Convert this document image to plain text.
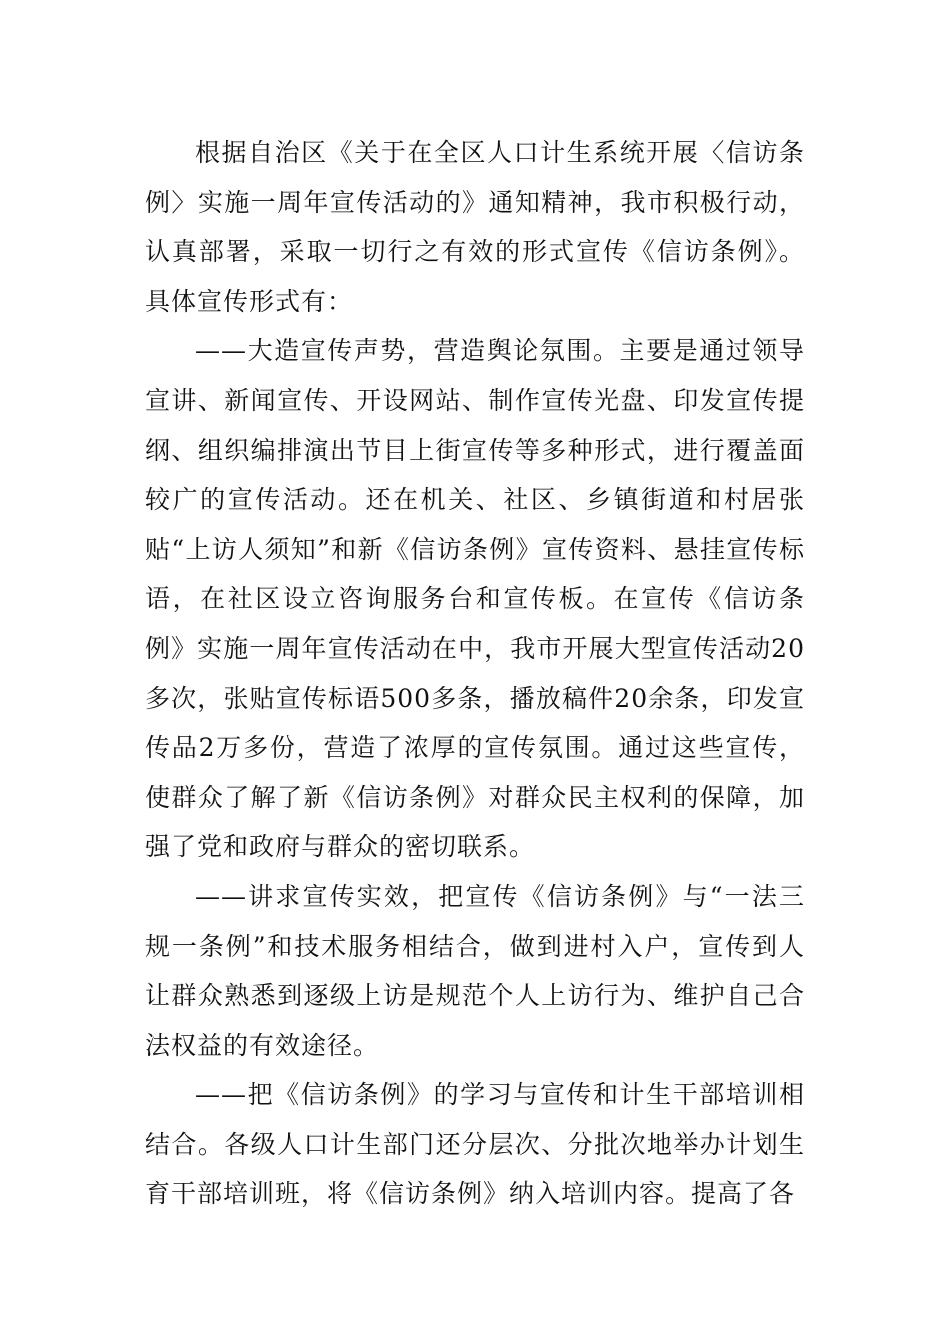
根据自治区《关于在全区人口计生系统开展〈信访条例〉实施一周年宣传活动的》通知精神，我市积极行动，认真部署，采取一切行之有效的形式宣传《信访条例》。具体宣传形式有：

——大造宣传声势，营造舆论氛围。主要是通过领导宣讲、新闻宣传、开设网站、制作宣传光盘、印发宣传提纲、组织编排演出节目上街宣传等多种形式，进行覆盖面较广的宣传活动。还在机关、社区、乡镇街道和村居张贴“上访人须知”和新《信访条例》宣传资料、悬挂宣传标语，在社区设立咨询服务台和宣传板。在宣传《信访条例》实施一周年宣传活动在中，我市开展大型宣传活动20多次，张贴宣传标语500多条，播放稿件20余条，印发宣传品2万多份，营造了浓厚的宣传氛围。通过这些宣传，使群众了解了新《信访条例》对群众民主权利的保障，加强了党和政府与群众的密切联系。

——讲求宣传实效，把宣传《信访条例》与“一法三规一条例”和技术服务相结合，做到进村入户，宣传到人让群众熟悉到逐级上访是规范个人上访行为、维护自己合法权益的有效途径。

——把《信访条例》的学习与宣传和计生干部培训相结合。各级人口计生部门还分层次、分批次地举办计划生育干部培训班，将《信访条例》纳入培训内容。提高了各
